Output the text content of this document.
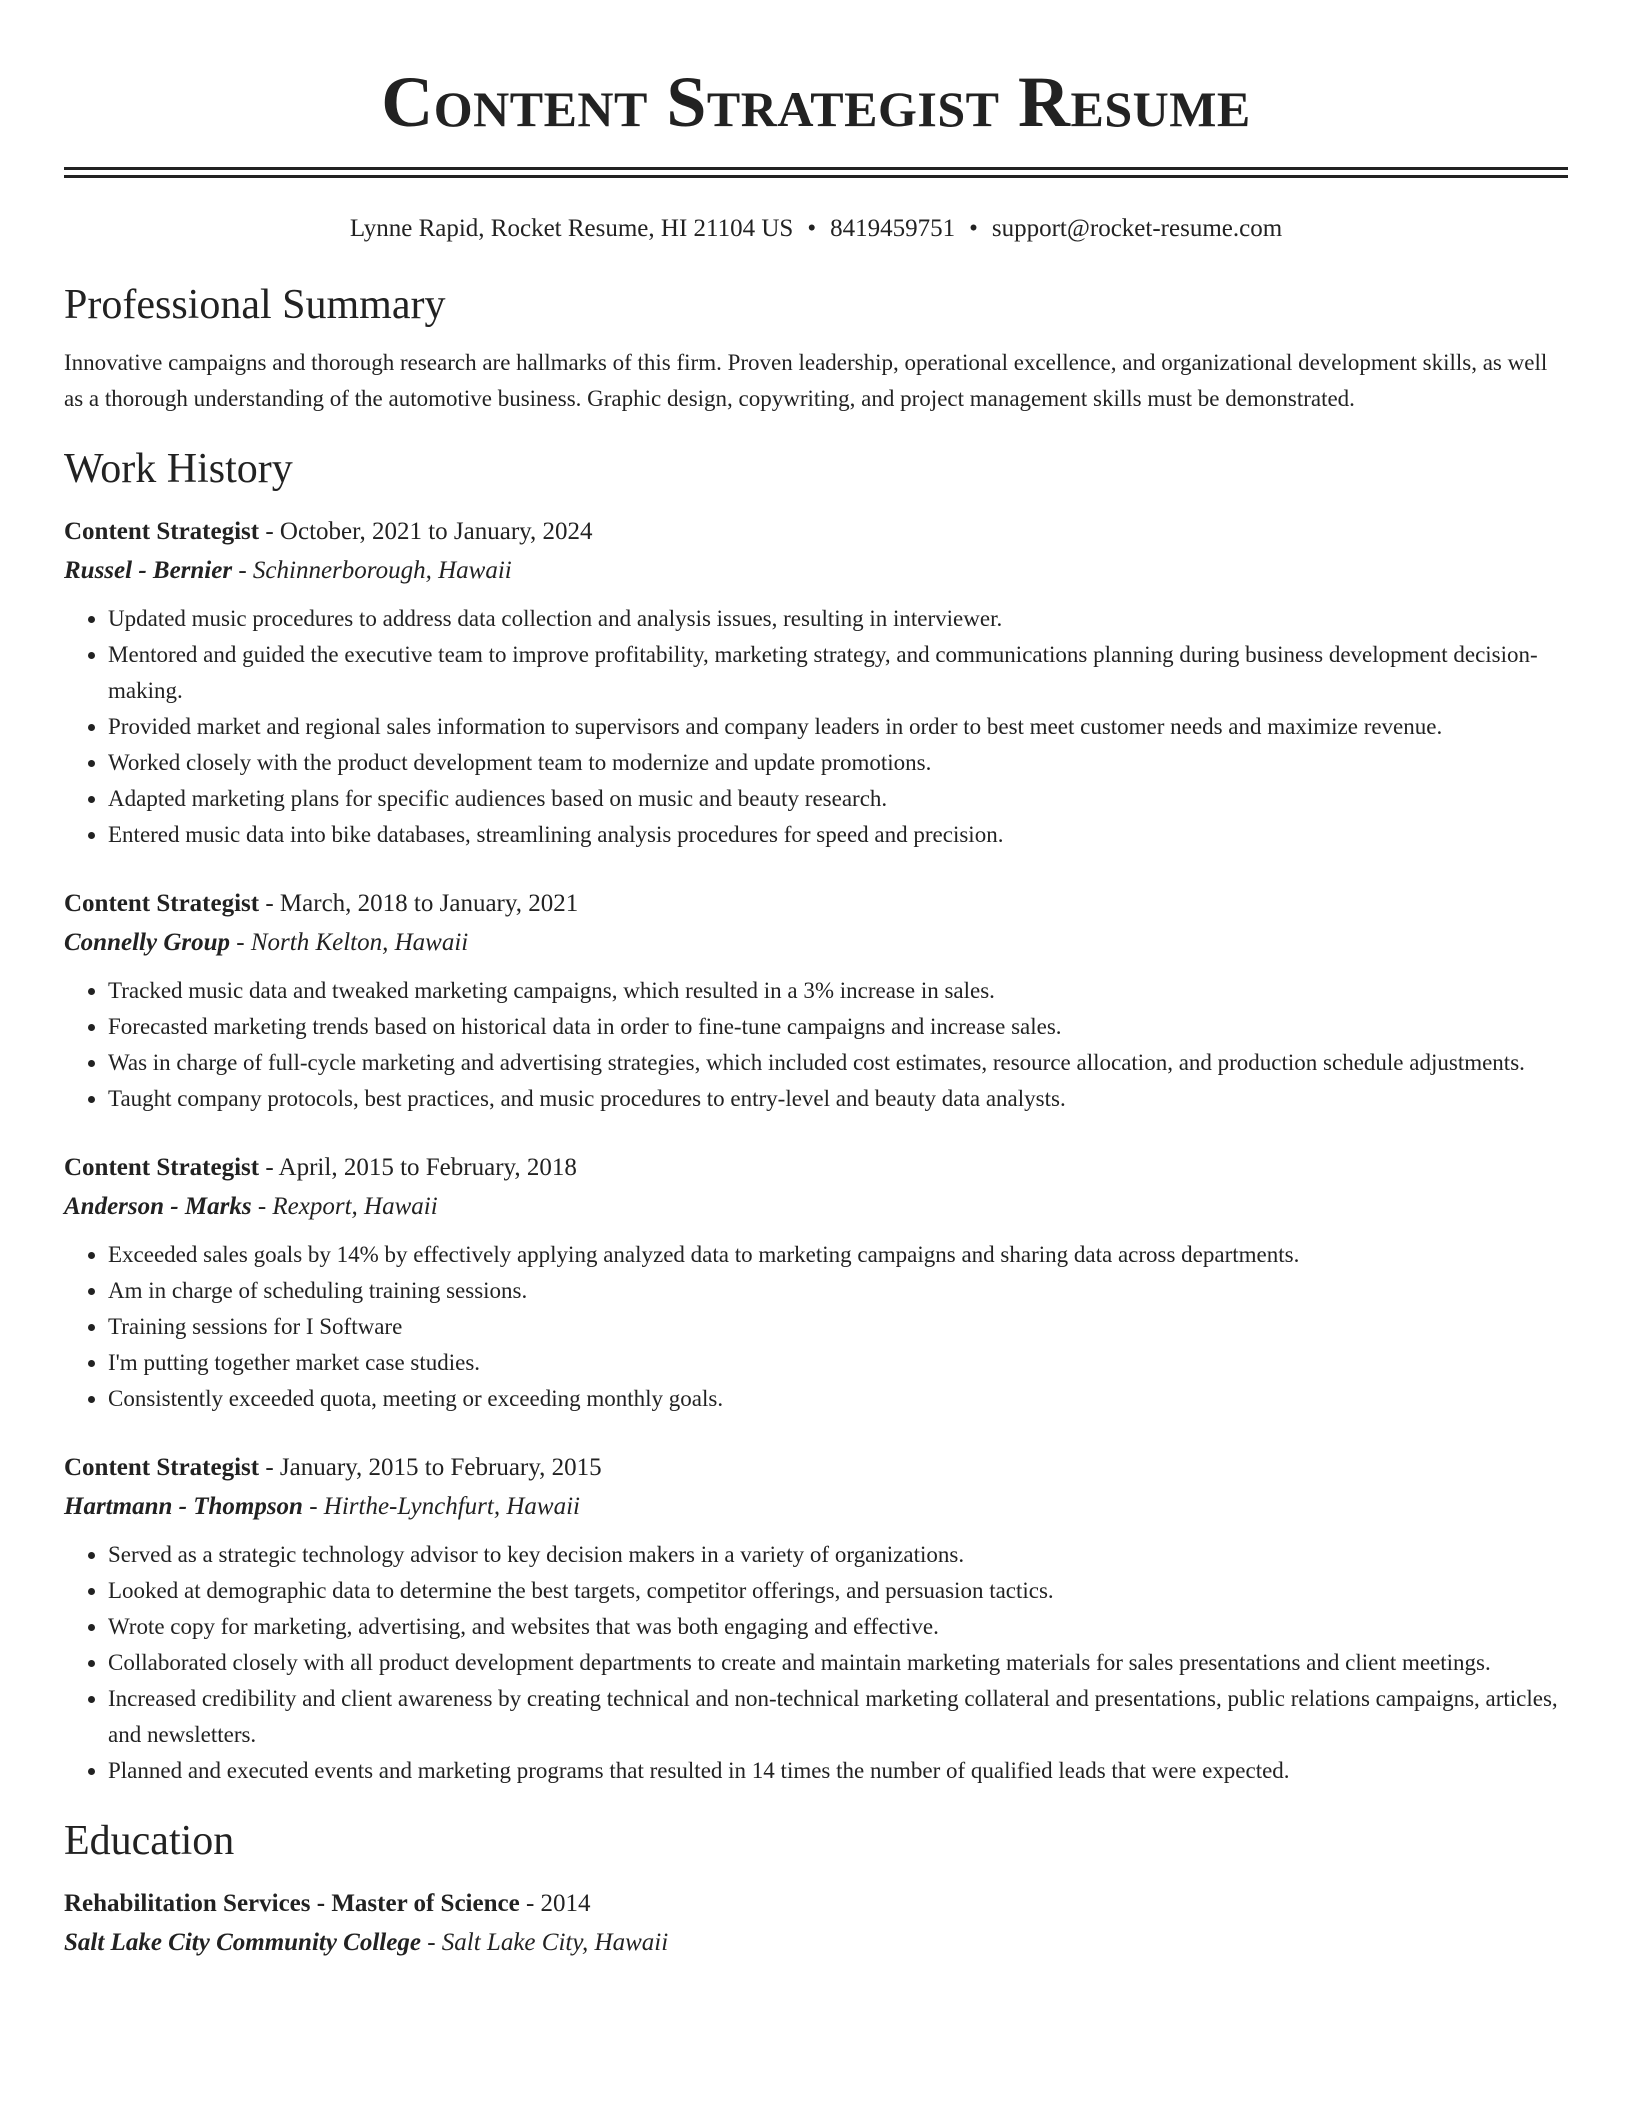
Content Strategist Resume
Lynne Rapid, Rocket Resume, HI 21104 US • 8419459751 • support@rocket-resume.com
Professional Summary

Innovative campaigns and thorough research are hallmarks of this firm. Proven leadership, operational excellence, and organizational development skills, as well as a thorough understanding of the automotive business. Graphic design, copywriting, and project management skills must be demonstrated.

Work History
Content Strategist - October, 2021 to January, 2024
Russel - Bernier - Schinnerborough, Hawaii
• Updated music procedures to address data collection and analysis issues, resulting in interviewer.
• Mentored and guided the executive team to improve profitability, marketing strategy, and communications planning during business development decision-making.
• Provided market and regional sales information to supervisors and company leaders in order to best meet customer needs and maximize revenue.
• Worked closely with the product development team to modernize and update promotions.
• Adapted marketing plans for specific audiences based on music and beauty research.
• Entered music data into bike databases, streamlining analysis procedures for speed and precision.
Content Strategist - March, 2018 to January, 2021
Connelly Group - North Kelton, Hawaii
• Tracked music data and tweaked marketing campaigns, which resulted in a 3% increase in sales.
• Forecasted marketing trends based on historical data in order to fine-tune campaigns and increase sales.
• Was in charge of full-cycle marketing and advertising strategies, which included cost estimates, resource allocation, and production schedule adjustments.
• Taught company protocols, best practices, and music procedures to entry-level and beauty data analysts.
Content Strategist - April, 2015 to February, 2018
Anderson - Marks - Rexport, Hawaii
• Exceeded sales goals by 14% by effectively applying analyzed data to marketing campaigns and sharing data across departments.
• Am in charge of scheduling training sessions.
• Training sessions for I Software
• I'm putting together market case studies.
• Consistently exceeded quota, meeting or exceeding monthly goals.
Content Strategist - January, 2015 to February, 2015
Hartmann - Thompson - Hirthe-Lynchfurt, Hawaii
• Served as a strategic technology advisor to key decision makers in a variety of organizations.
• Looked at demographic data to determine the best targets, competitor offerings, and persuasion tactics.
• Wrote copy for marketing, advertising, and websites that was both engaging and effective.
• Collaborated closely with all product development departments to create and maintain marketing materials for sales presentations and client meetings.
• Increased credibility and client awareness by creating technical and non-technical marketing collateral and presentations, public relations campaigns, articles, and newsletters.
• Planned and executed events and marketing programs that resulted in 14 times the number of qualified leads that were expected.
Education
Rehabilitation Services - Master of Science - 2014
Salt Lake City Community College - Salt Lake City, Hawaii
